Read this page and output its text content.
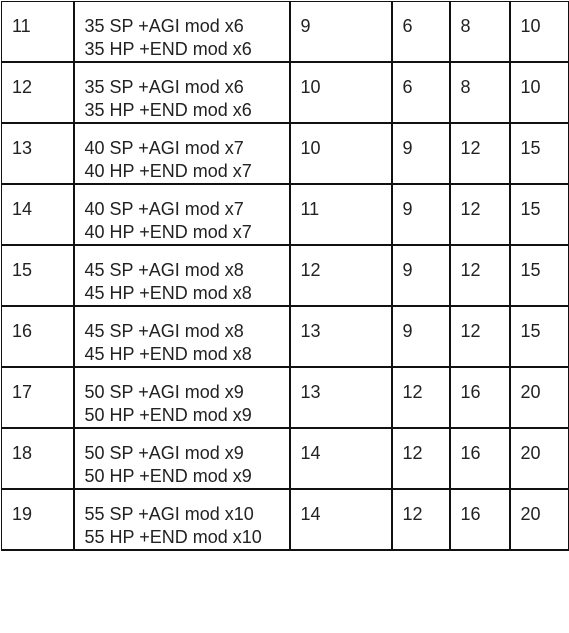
11	35 SP +AGI mod x6
35 HP +END mod x6	9	6	8	10
12	35 SP +AGI mod x6
35 HP +END mod x6	10	6	8	10
13	40 SP +AGI mod x7
40 HP +END mod x7	10	9	12	15
14	40 SP +AGI mod x7
40 HP +END mod x7	11	9	12	15
15	45 SP +AGI mod x8
45 HP +END mod x8	12	9	12	15
16	45 SP +AGI mod x8
45 HP +END mod x8	13	9	12	15
17	50 SP +AGI mod x9
50 HP +END mod x9	13	12	16	20
18	50 SP +AGI mod x9
50 HP +END mod x9	14	12	16	20
19	55 SP +AGI mod x10
55 HP +END mod x10	14	12	16	20
